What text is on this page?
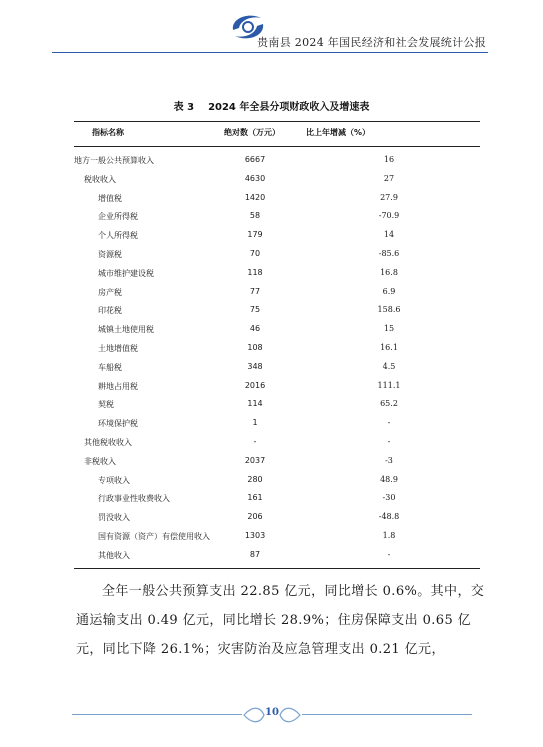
贵南县 2024 年国民经济和社会发展统计公报
表 3 2024 年全县分项财政收入及增速表
指标名称	绝对数（万元）	比上年增减（%）
地方一般公共预算收入	6667	16
税收收入	4630	27
增值税	1420	27.9
企业所得税	58	-70.9
个人所得税	179	14
资源税	70	-85.6
城市维护建设税	118	16.8
房产税	77	6.9
印花税	75	158.6
城镇土地使用税	46	15
土地增值税	108	16.1
车船税	348	4.5
耕地占用税	2016	111.1
契税	114	65.2
环境保护税	1	-
其他税收收入	-	-
非税收入	2037	-3
专项收入	280	48.9
行政事业性收费收入	161	-30
罚没收入	206	-48.8
国有资源（资产）有偿使用收入	1303	1.8
其他收入	87	-
全年一般公共预算支出 22.85 亿元，同比增长 0.6%。其中，交通运输支出 0.49 亿元，同比增长 28.9%；住房保障支出 0.65 亿元，同比下降 26.1%；灾害防治及应急管理支出 0.21 亿元，
10
